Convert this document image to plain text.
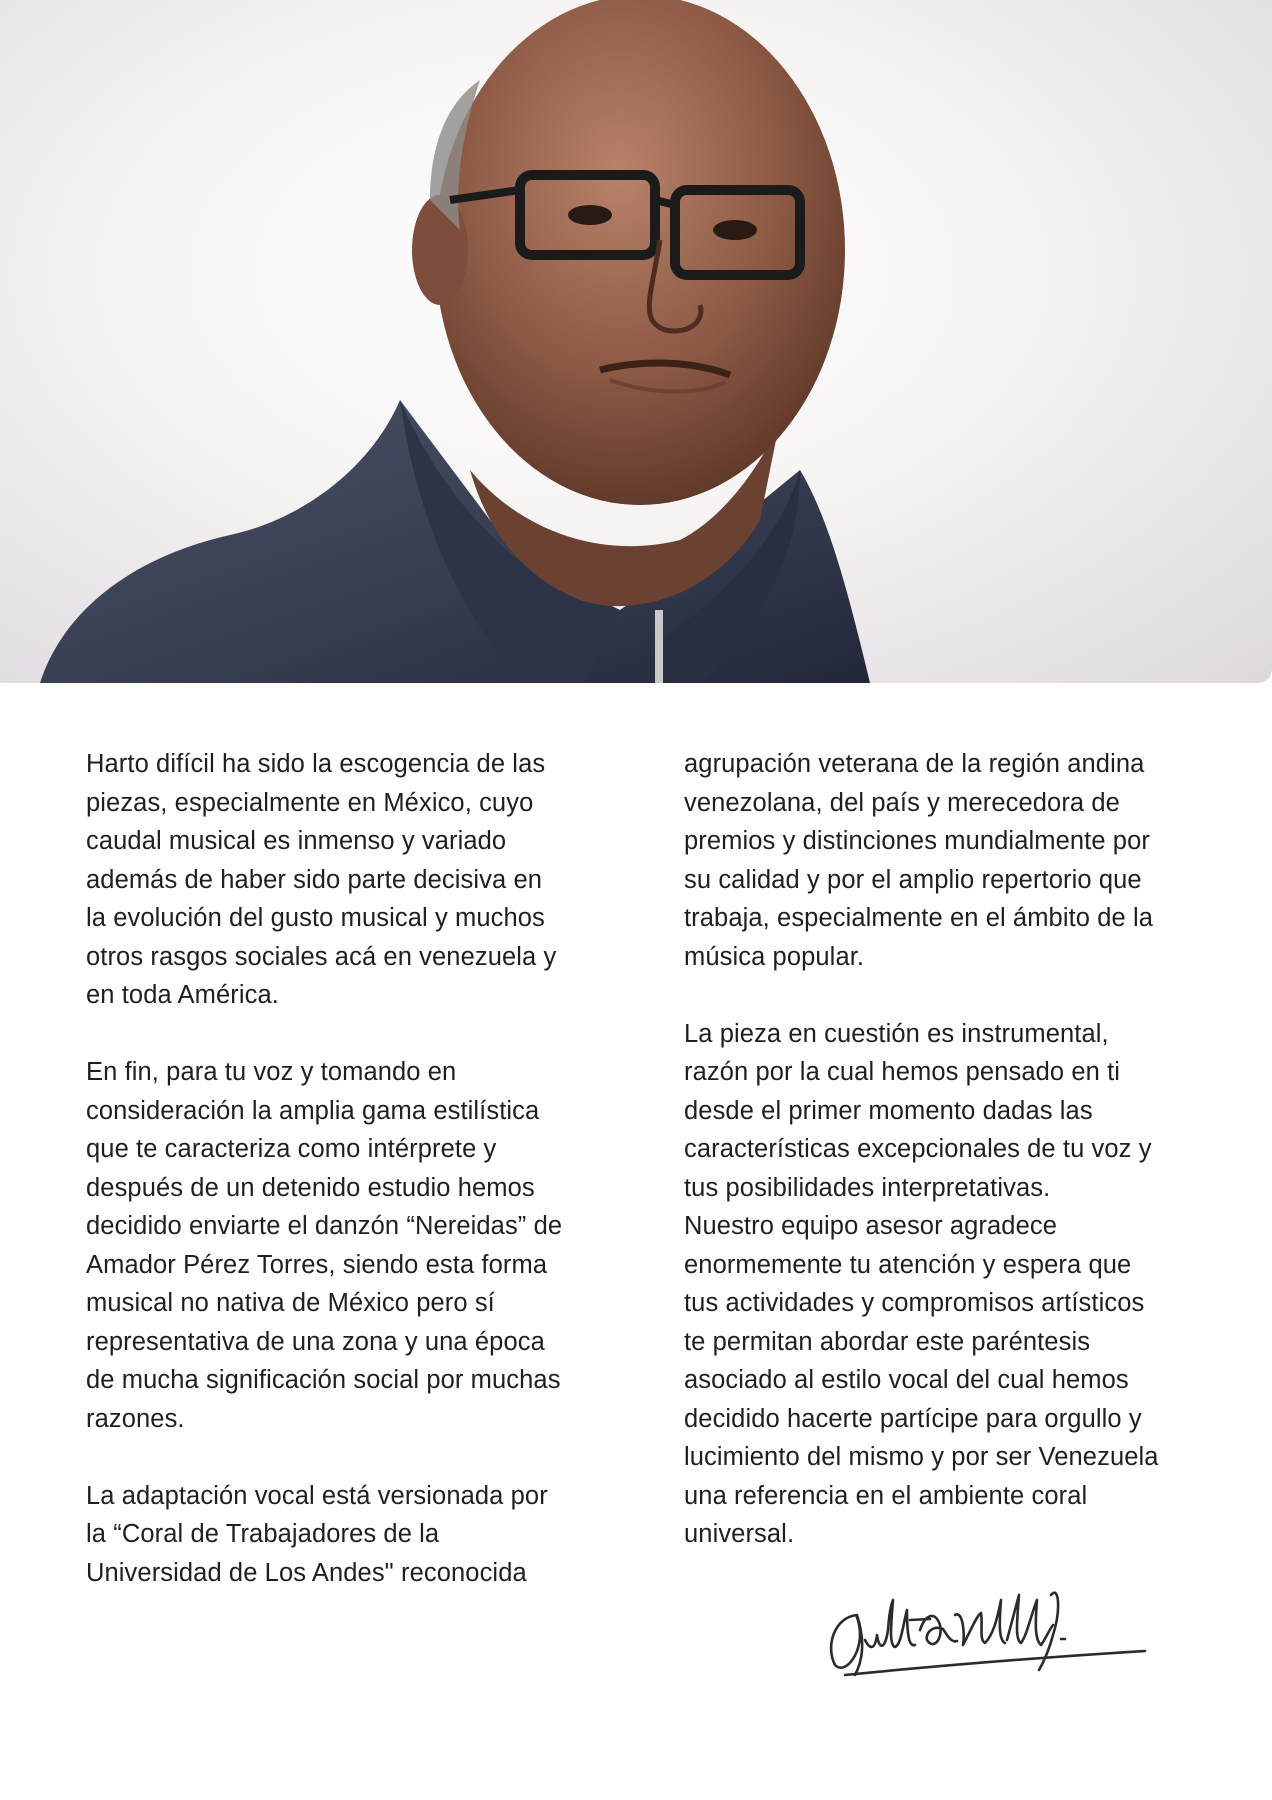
Harto difícil ha sido la escogencia de las
piezas, especialmente en México, cuyo
caudal musical es inmenso y variado
además de haber sido parte decisiva en
la evolución del gusto musical y muchos
otros rasgos sociales acá en venezuela y
en toda América.

En fin, para tu voz y tomando en
consideración la amplia gama estilística
que te caracteriza como intérprete y
después de un detenido estudio hemos
decidido enviarte el danzón “Nereidas” de
Amador Pérez Torres, siendo esta forma
musical no nativa de México pero sí
representativa de una zona y una época
de mucha significación social por muchas
razones.

La adaptación vocal está versionada por
la “Coral de Trabajadores de la
Universidad de Los Andes" reconocida

agrupación veterana de la región andina
venezolana, del país y merecedora de
premios y distinciones mundialmente por
su calidad y por el amplio repertorio que
trabaja, especialmente en el ámbito de la
música popular.

La pieza en cuestión es instrumental,
razón por la cual hemos pensado en ti
desde el primer momento dadas las
características excepcionales de tu voz y
tus posibilidades interpretativas.

Nuestro equipo asesor agradece
enormemente tu atención y espera que
tus actividades y compromisos artísticos
te permitan abordar este paréntesis
asociado al estilo vocal del cual hemos
decidido hacerte partícipe para orgullo y
lucimiento del mismo y por ser Venezuela
una referencia en el ambiente coral
universal.
